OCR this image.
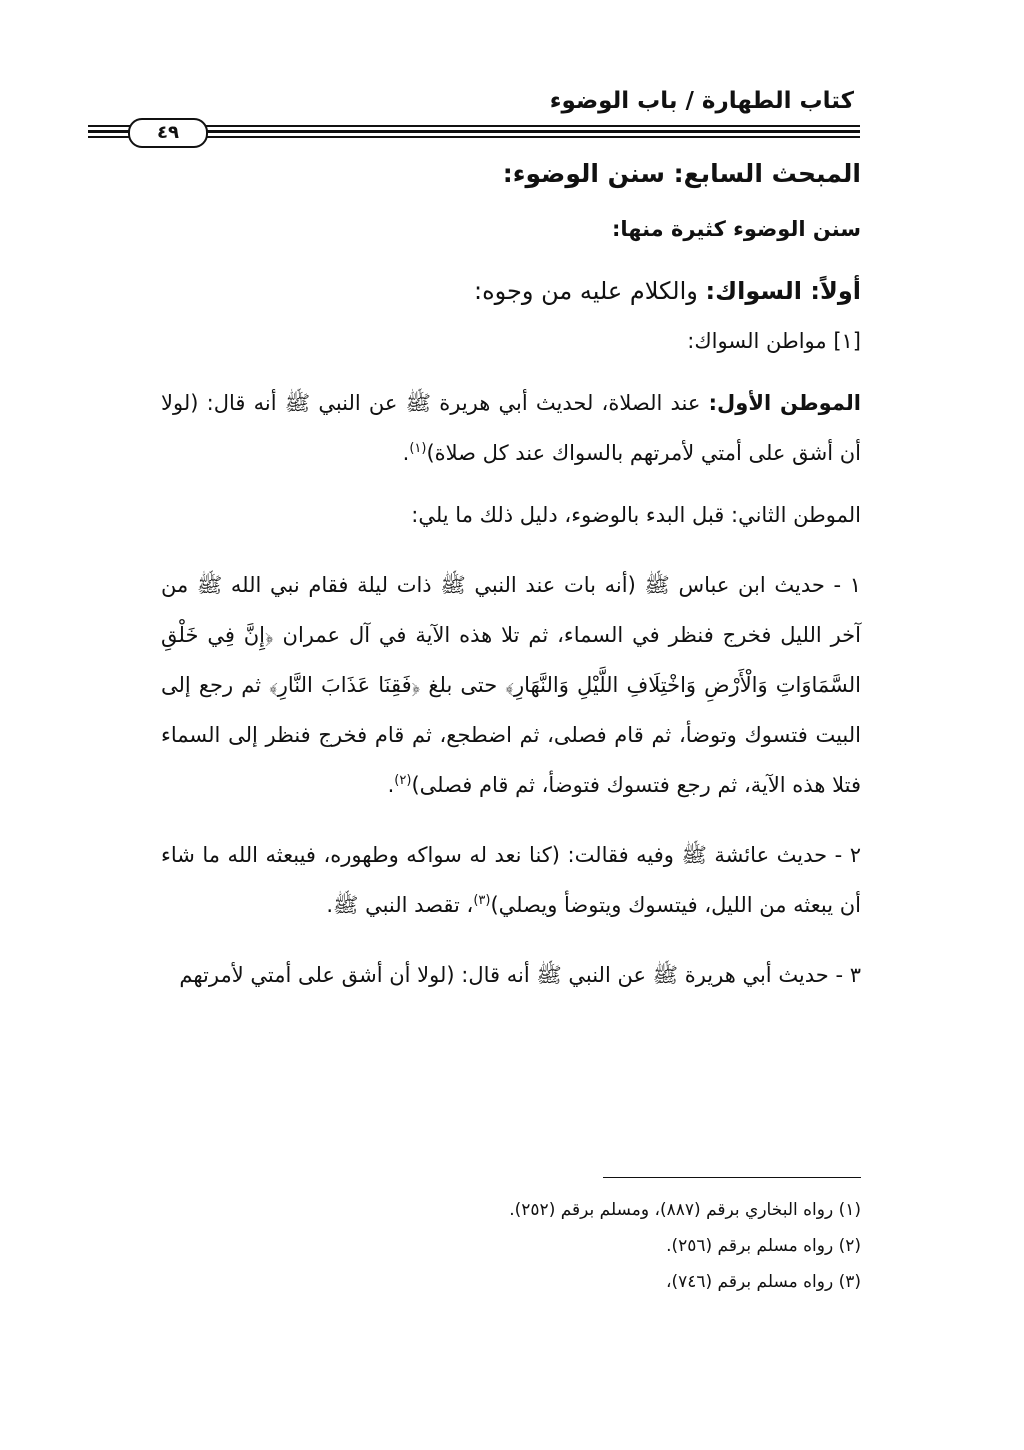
كتاب الطهارة / باب الوضوء
٤٩
المبحث السابع: سنن الوضوء:

سنن الوضوء كثيرة منها:

أولاً: السواك: والكلام عليه من وجوه:

[١] مواطن السواك:

الموطن الأول: عند الصلاة، لحديث أبي هريرة ﷺ عن النبي ﷺ أنه قال: (لولا أن أشق على أمتي لأمرتهم بالسواك عند كل صلاة)$^{(١)}$.

الموطن الثاني: قبل البدء بالوضوء، دليل ذلك ما يلي:

١ - حديث ابن عباس ﷺ (أنه بات عند النبي ﷺ ذات ليلة فقام نبي الله ﷺ من آخر الليل فخرج فنظر في السماء، ثم تلا هذه الآية في آل عمران ﴿إِنَّ فِي خَلْقِ السَّمَاوَاتِ وَالْأَرْضِ وَاخْتِلَافِ اللَّيْلِ وَالنَّهَارِ﴾ حتى بلغ ﴿فَقِنَا عَذَابَ النَّارِ﴾ ثم رجع إلى البيت فتسوك وتوضأ، ثم قام فصلى، ثم اضطجع، ثم قام فخرج فنظر إلى السماء فتلا هذه الآية، ثم رجع فتسوك فتوضأ، ثم قام فصلى)$^{(٢)}$.

٢ - حديث عائشة ﷺ وفيه فقالت: (كنا نعد له سواكه وطهوره، فيبعثه الله ما شاء أن يبعثه من الليل، فيتسوك ويتوضأ ويصلي)$^{(٣)}$، تقصد النبي ﷺ.

٣ - حديث أبي هريرة ﷺ عن النبي ﷺ أنه قال: (لولا أن أشق على أمتي لأمرتهم

(١) رواه البخاري برقم (٨٨٧)، ومسلم برقم (٢٥٢).

(٢) رواه مسلم برقم (٢٥٦).

(٣) رواه مسلم برقم (٧٤٦)،
